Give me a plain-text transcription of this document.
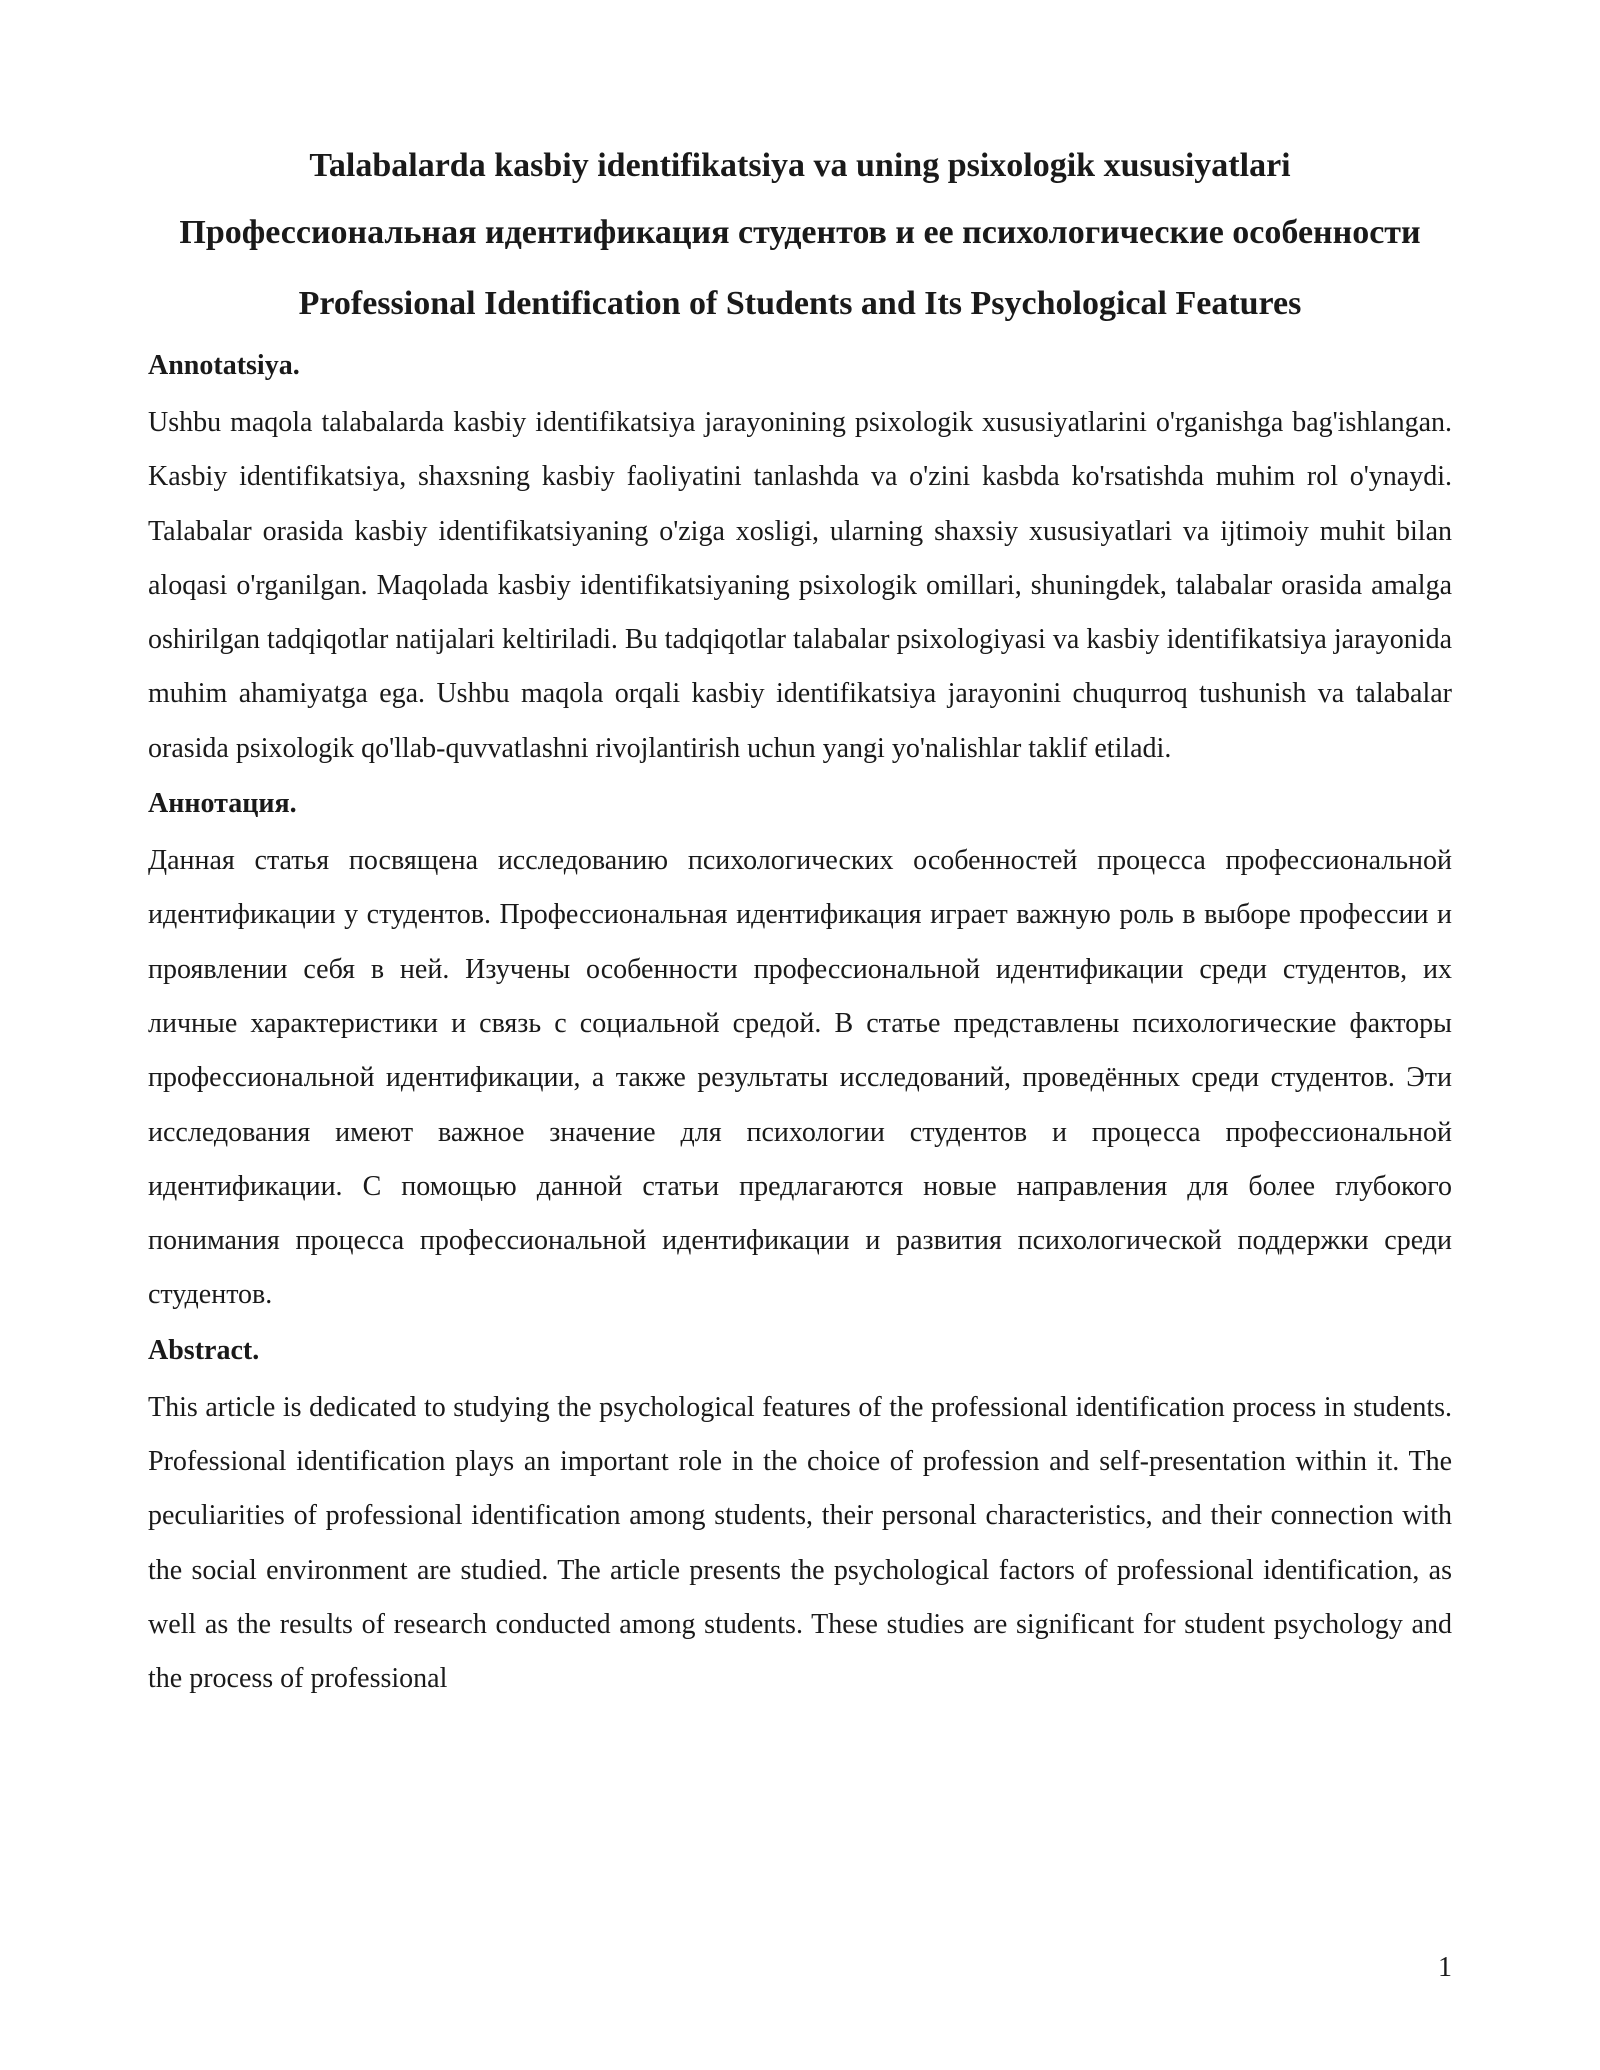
Talabalarda kasbiy identifikatsiya va uning psixologik xususiyatlari
Профессиональная идентификация студентов и ее психологические особенности
Professional Identification of Students and Its Psychological Features

Annotatsiya.

Ushbu maqola talabalarda kasbiy identifikatsiya jarayonining psixologik xususiyatlarini o'rganishga bag'ishlangan. Kasbiy identifikatsiya, shaxsning kasbiy faoliyatini tanlashda va o'zini kasbda ko'rsatishda muhim rol o'ynaydi. Talabalar orasida kasbiy identifikatsiyaning o'ziga xosligi, ularning shaxsiy xususiyatlari va ijtimoiy muhit bilan aloqasi o'rganilgan. Maqolada kasbiy identifikatsiyaning psixologik omillari, shuningdek, talabalar orasida amalga oshirilgan tadqiqotlar natijalari keltiriladi. Bu tadqiqotlar talabalar psixologiyasi va kasbiy identifikatsiya jarayonida muhim ahamiyatga ega. Ushbu maqola orqali kasbiy identifikatsiya jarayonini chuqurroq tushunish va talabalar orasida psixologik qo'llab-quvvatlashni rivojlantirish uchun yangi yo'nalishlar taklif etiladi.

Аннотация.

Данная статья посвящена исследованию психологических особенностей процесса профессиональной идентификации у студентов. Профессиональная идентификация играет важную роль в выборе профессии и проявлении себя в ней. Изучены особенности профессиональной идентификации среди студентов, их личные характеристики и связь с социальной средой. В статье представлены психологические факторы профессиональной идентификации, а также результаты исследований, проведённых среди студентов. Эти исследования имеют важное значение для психологии студентов и процесса профессиональной идентификации. С помощью данной статьи предлагаются новые направления для более глубокого понимания процесса профессиональной идентификации и развития психологической поддержки среди студентов.

Abstract.

This article is dedicated to studying the psychological features of the professional identification process in students. Professional identification plays an important role in the choice of profession and self-presentation within it. The peculiarities of professional identification among students, their personal characteristics, and their connection with the social environment are studied. The article presents the psychological factors of professional identification, as well as the results of research conducted among students. These studies are significant for student psychology and the process of professional

1
